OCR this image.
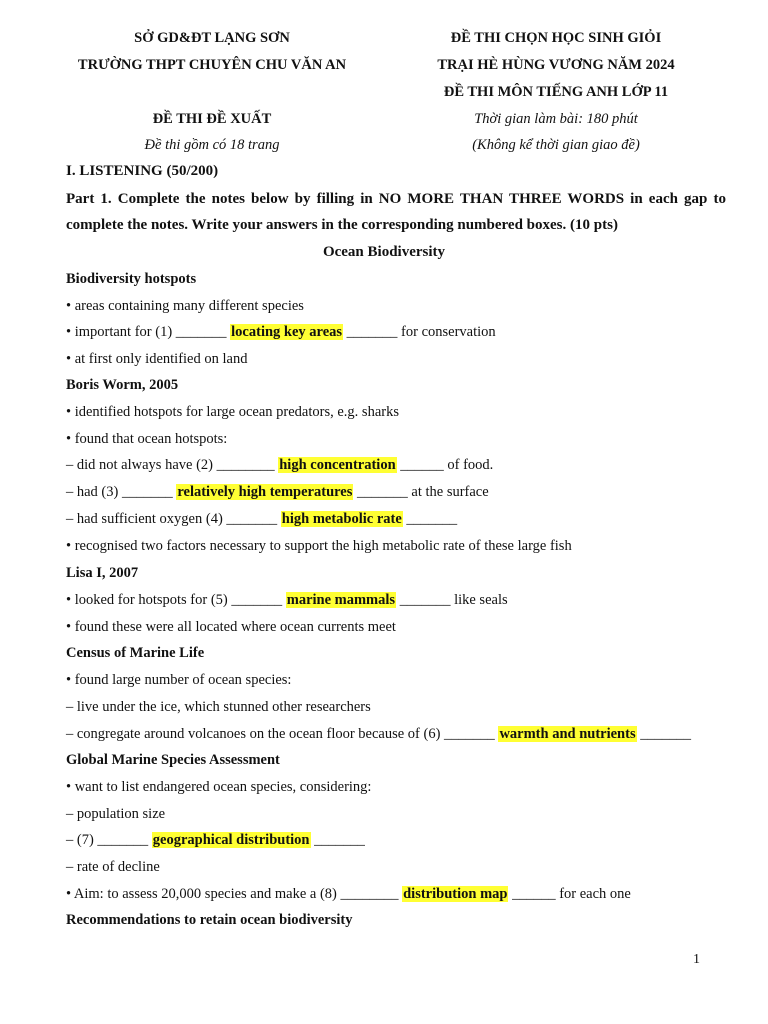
SỞ GD&ĐT LẠNG SƠN
TRƯỜNG THPT CHUYÊN CHU VĂN AN
ĐỀ THI ĐỀ XUẤT
Đề thi gồm có 18 trang
ĐỀ THI CHỌN HỌC SINH GIỎI
TRẠI HÈ HÙNG VƯƠNG NĂM 2024
ĐỀ THI MÔN TIẾNG ANH LỚP 11
Thời gian làm bài: 180 phút
(Không kể thời gian giao đề)
I. LISTENING (50/200)
Part 1. Complete the notes below by filling in NO MORE THAN THREE WORDS in each gap to complete the notes. Write your answers in the corresponding numbered boxes. (10 pts)
Ocean Biodiversity
Biodiversity hotspots
• areas containing many different species
• important for (1) _______ locating key areas _______ for conservation
• at first only identified on land
Boris Worm, 2005
• identified hotspots for large ocean predators, e.g. sharks
• found that ocean hotspots:
– did not always have (2) ________ high concentration ______ of food.
– had (3) _______ relatively high temperatures _______ at the surface
– had sufficient oxygen (4) _______ high metabolic rate _______
• recognised two factors necessary to support the high metabolic rate of these large fish
Lisa I, 2007
• looked for hotspots for (5) _______ marine mammals _______ like seals
• found these were all located where ocean currents meet
Census of Marine Life
• found large number of ocean species:
– live under the ice, which stunned other researchers
– congregate around volcanoes on the ocean floor because of (6) _______ warmth and nutrients _______
Global Marine Species Assessment
• want to list endangered ocean species, considering:
– population size
– (7) _______ geographical distribution _______
– rate of decline
• Aim: to assess 20,000 species and make a (8) ________ distribution map ______ for each one
Recommendations to retain ocean biodiversity
1
